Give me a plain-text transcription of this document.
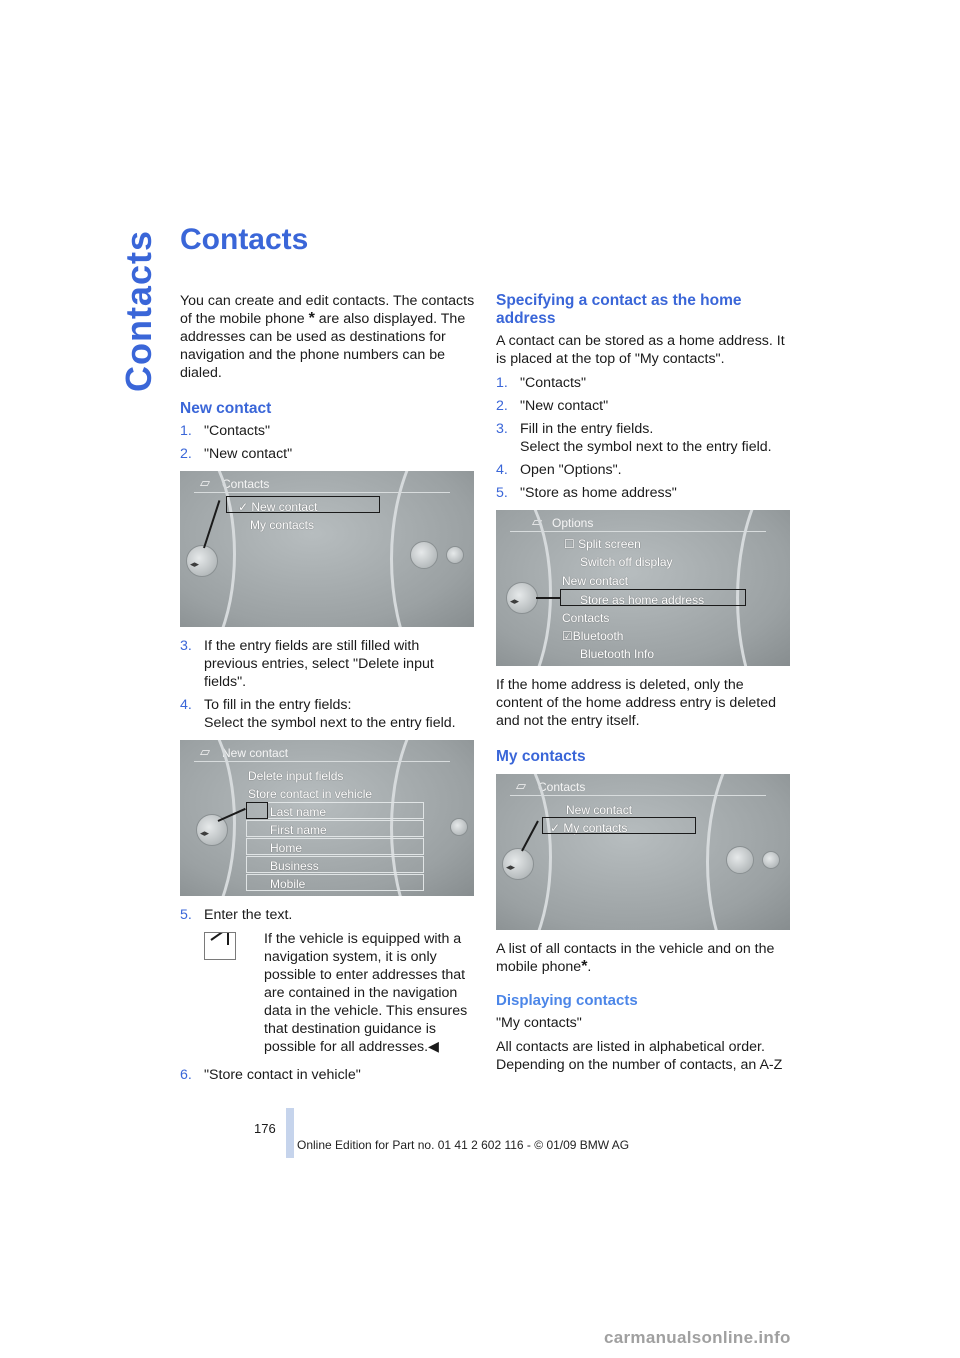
Contacts Contacts

You can create and edit contacts. The contacts of the mobile phone * are also displayed. The addresses can be used as destinations for navigation and the phone numbers can be dialed.

New contact
1. "Contacts"
2. "New contact"
▱ Contacts
✓ New contact
My contacts
◂▸
3. If the entry fields are still filled with previous entries, select "Delete input fields".
4. To fill in the entry fields:
Select the symbol next to the entry field.
▱ New contact
Delete input fields
Store contact in vehicle
Last name
First name
Home
Business
Mobile
◂▸
5. Enter the text.
If the vehicle is equipped with a navigation system, it is only possible to enter addresses that are contained in the navigation data in the vehicle. This ensures that destination guidance is possible for all addresses.◀
6. "Store contact in vehicle"
Specifying a contact as the home address

A contact can be stored as a home address. It is placed at the top of "My contacts".

1. "Contacts"
2. "New contact"
3. Fill in the entry fields.
Select the symbol next to the entry field.
4. Open "Options".
5. "Store as home address"
▱ Options
☐ Split screen
Switch off display
New contact
Store as home address
Contacts
☑Bluetooth
Bluetooth Info
◂▸

If the home address is deleted, only the content of the home address entry is deleted and not the entry itself.

My contacts
▱ Contacts
New contact
✓ My contacts
◂▸

A list of all contacts in the vehicle and on the mobile phone*.

Displaying contacts

"My contacts"

All contacts are listed in alphabetical order. Depending on the number of contacts, an A-Z

176
Online Edition for Part no. 01 41 2 602 116 - © 01/09 BMW AG
carmanualsonline.info
